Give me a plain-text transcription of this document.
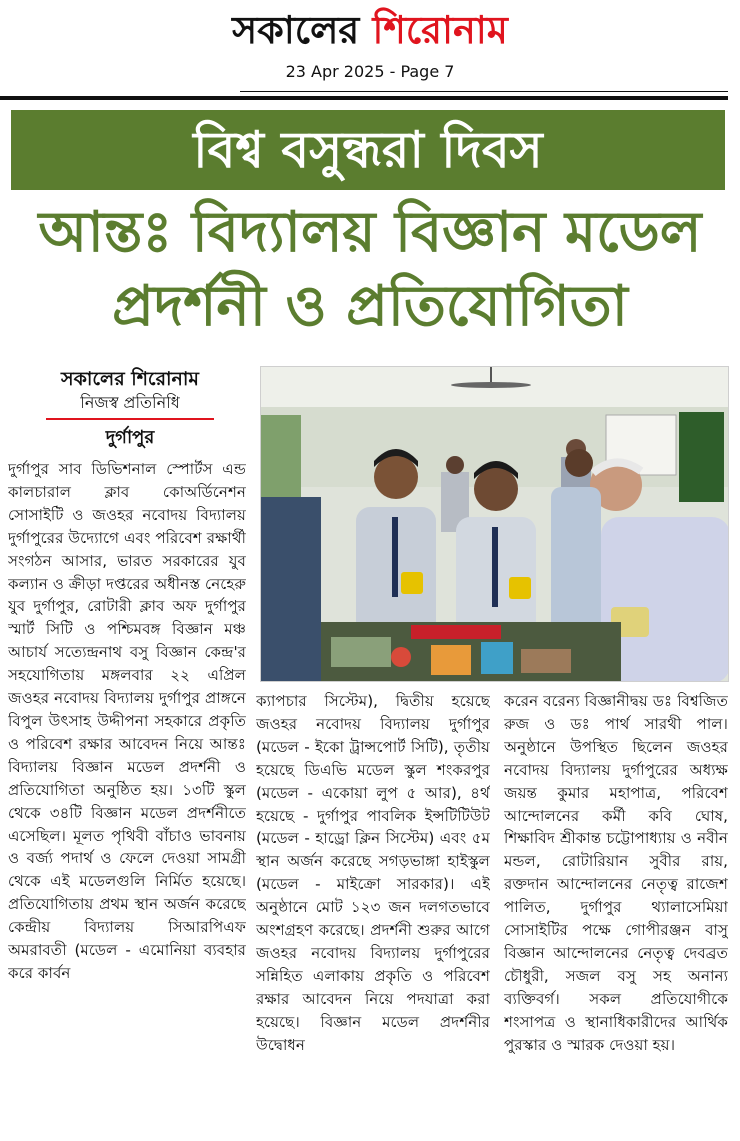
সকালের শিরোনাম
23 Apr 2025 - Page 7
বিশ্ব বসুন্ধরা দিবস
আন্তঃ বিদ্যালয় বিজ্ঞান মডেল
প্রদর্শনী ও প্রতিযোগিতা
সকালের শিরোনাম
নিজস্ব প্রতিনিধি
দুর্গাপুর

দুর্গাপুর সাব ডিভিশনাল স্পোর্টস এন্ড কালচারাল ক্লাব কোঅর্ডিনেশন সোসাইটি ও জওহর নবোদয় বিদ্যালয় দুর্গাপুরের উদ্যোগে এবং পরিবেশ রক্ষার্থী সংগঠন আসার, ভারত সরকারের যুব কল্যান ও ক্রীড়া দপ্তরের অধীনস্ত নেহেরু যুব দুর্গাপুর, রোটারী ক্লাব অফ দুর্গাপুর স্মার্ট সিটি ও পশ্চিমবঙ্গ বিজ্ঞান মঞ্চ আচার্য সত্যেন্দ্রনাথ বসু বিজ্ঞান কেন্দ্র'র সহযোগিতায় মঙ্গলবার ২২ এপ্রিল জওহর নবোদয় বিদ্যালয় দুর্গাপুর প্রাঙ্গনে বিপুল উৎসাহ উদ্দীপনা সহকারে প্রকৃতি ও পরিবেশ রক্ষার আবেদন নিয়ে আন্তঃ বিদ্যালয় বিজ্ঞান মডেল প্রদর্শনী ও প্রতিযোগিতা অনুষ্ঠিত হয়। ১৩টি স্কুল থেকে ৩৪টি বিজ্ঞান মডেল প্রদর্শনীতে এসেছিল। মূলত পৃথিবী বাঁচাও ভাবনায় ও বর্জ্য পদার্থ ও ফেলে দেওয়া সামগ্রী থেকে এই মডেলগুলি নির্মিত হয়েছে। প্রতিযোগিতায় প্রথম স্থান অর্জন করেছে কেন্দ্রীয় বিদ্যালয় সিআরপিএফ অমরাবতী (মডেল - এমোনিয়া ব্যবহার করে কার্বন

ক্যাপচার সিস্টেম), দ্বিতীয় হয়েছে জওহর নবোদয় বিদ্যালয় দুর্গাপুর (মডেল - ইকো ট্রান্সপোর্ট সিটি), তৃতীয় হয়েছে ডিএভি মডেল স্কুল শংকরপুর (মডেল - একোয়া লুপ ৫ আর), ৪র্থ হয়েছে - দুর্গাপুর পাবলিক ইন্সটিটিউট (মডেল - হাড্রো ক্লিন সিস্টেম) এবং ৫ম স্থান অর্জন করেছে সগড়ভাঙ্গা হাইস্কুল (মডেল - মাইক্রো সারকার)। এই অনুষ্ঠানে মোট ১২৩ জন দলগতভাবে অংশগ্রহণ করেছে। প্রদর্শনী শুরুর আগে জওহর নবোদয় বিদ্যালয় দুর্গাপুরের সন্নিহিত এলাকায় প্রকৃতি ও পরিবেশ রক্ষার আবেদন নিয়ে পদযাত্রা করা হয়েছে। বিজ্ঞান মডেল প্রদর্শনীর উদ্বোধন

করেন বরেন্য বিজ্ঞানীদ্বয় ডঃ বিশ্বজিত রুজ ও ডঃ পার্থ সারথী পাল। অনুষ্ঠানে উপস্থিত ছিলেন জওহর নবোদয় বিদ্যালয় দুর্গাপুরের অধ্যক্ষ জয়ন্ত কুমার মহাপাত্র, পরিবেশ আন্দোলনের কর্মী কবি ঘোষ, শিক্ষাবিদ শ্রীকান্ত চট্টোপাধ্যায় ও নবীন মন্ডল, রোটারিয়ান সুবীর রায়, রক্তদান আন্দোলনের নেতৃত্ব রাজেশ পালিত, দুর্গাপুর থ্যালাসেমিয়া সোসাইটির পক্ষে গোপীরঞ্জন বাসু বিজ্ঞান আন্দোলনের নেতৃত্ব দেবব্রত চৌধুরী, সজল বসু সহ অনান্য ব্যক্তিবর্গ। সকল প্রতিযোগীকে শংসাপত্র ও স্থানাধিকারীদের আর্থিক পুরস্কার ও স্মারক দেওয়া হয়।
